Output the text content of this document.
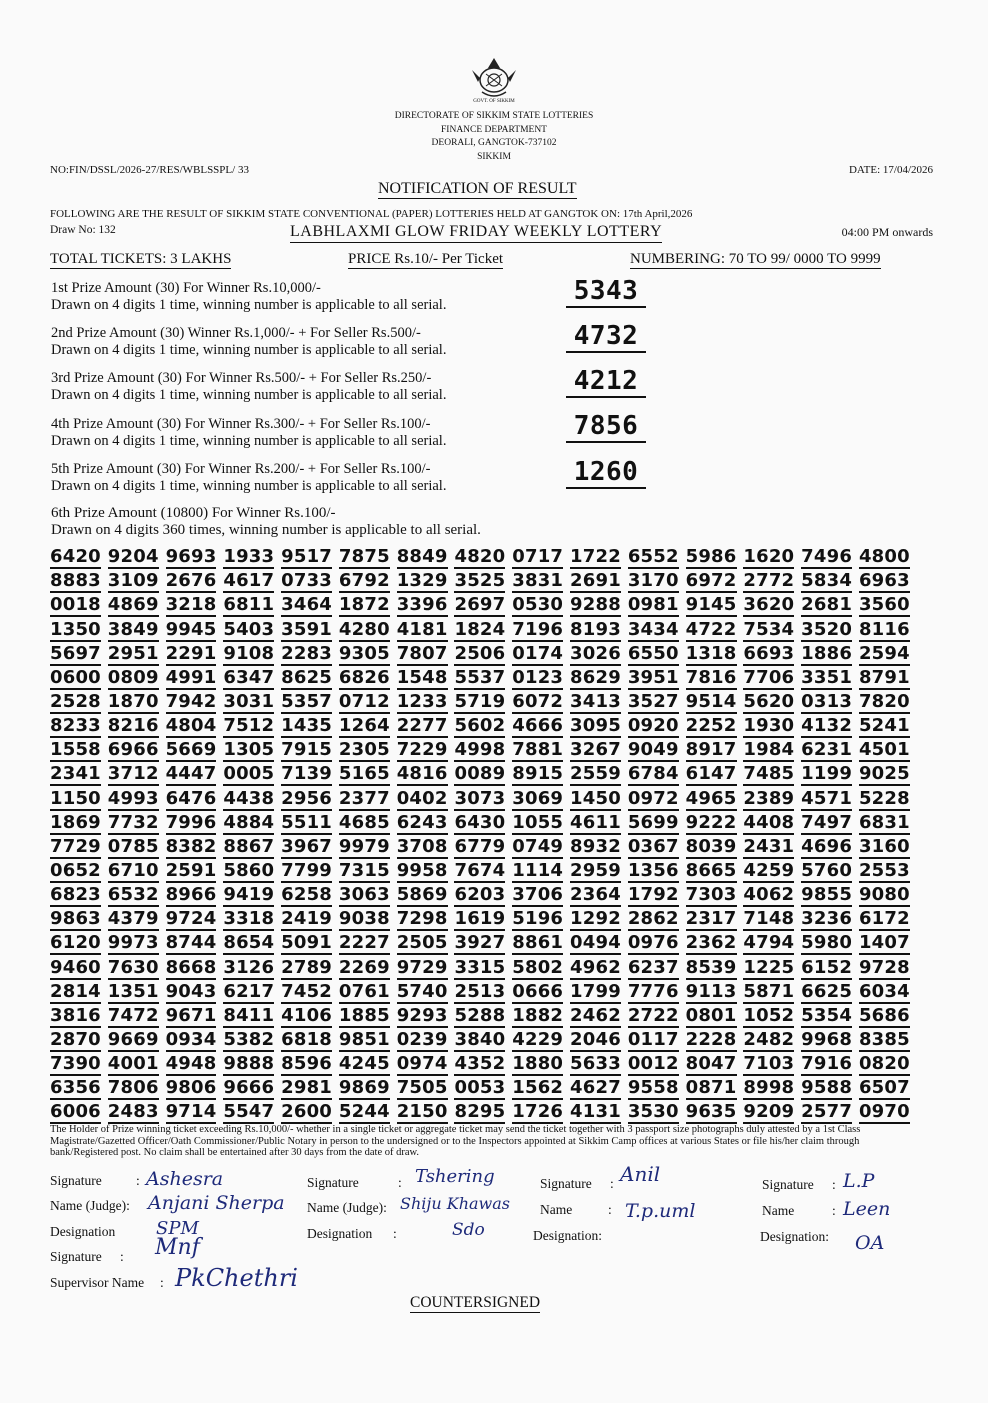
GOVT. OF SIKKIM
DIRECTORATE OF SIKKIM STATE LOTTERIES
FINANCE DEPARTMENT
DEORALI, GANGTOK-737102
SIKKIM
NO:FIN/DSSL/2026-27/RES/WBLSSPL/ 33	DATE: 17/04/2026
NOTIFICATION OF RESULT
FOLLOWING ARE THE RESULT OF SIKKIM STATE CONVENTIONAL (PAPER) LOTTERIES HELD AT GANGTOK ON: 17th April,2026
Draw No: 132	LABHLAXMI GLOW FRIDAY WEEKLY LOTTERY	04:00 PM onwards
TOTAL TICKETS: 3 LAKHS	PRICE Rs.10/- Per Ticket	NUMBERING: 70 TO 99/ 0000 TO 9999
1st Prize Amount (30) For Winner Rs.10,000/-
Drawn on 4 digits 1 time, winning number is applicable to all serial.	5343
2nd Prize Amount (30) Winner Rs.1,000/- + For Seller Rs.500/-
Drawn on 4 digits 1 time, winning number is applicable to all serial.	4732
3rd Prize Amount (30) For Winner Rs.500/- + For Seller Rs.250/-
Drawn on 4 digits 1 time, winning number is applicable to all serial.	4212
4th Prize Amount (30) For Winner Rs.300/- + For Seller Rs.100/-
Drawn on 4 digits 1 time, winning number is applicable to all serial.	7856
5th Prize Amount (30) For Winner Rs.200/- + For Seller Rs.100/-
Drawn on 4 digits 1 time, winning number is applicable to all serial.	1260
6th Prize Amount (10800) For Winner Rs.100/-
Drawn on 4 digits 360 times, winning number is applicable to all serial.
6420 9204 9693 1933 9517 7875 8849 4820 0717 1722 6552 5986 1620 7496 4800
8883 3109 2676 4617 0733 6792 1329 3525 3831 2691 3170 6972 2772 5834 6963
0018 4869 3218 6811 3464 1872 3396 2697 0530 9288 0981 9145 3620 2681 3560
1350 3849 9945 5403 3591 4280 4181 1824 7196 8193 3434 4722 7534 3520 8116
5697 2951 2291 9108 2283 9305 7807 2506 0174 3026 6550 1318 6693 1886 2594
0600 0809 4991 6347 8625 6826 1548 5537 0123 8629 3951 7816 7706 3351 8791
2528 1870 7942 3031 5357 0712 1233 5719 6072 3413 3527 9514 5620 0313 7820
8233 8216 4804 7512 1435 1264 2277 5602 4666 3095 0920 2252 1930 4132 5241
1558 6966 5669 1305 7915 2305 7229 4998 7881 3267 9049 8917 1984 6231 4501
2341 3712 4447 0005 7139 5165 4816 0089 8915 2559 6784 6147 7485 1199 9025
1150 4993 6476 4438 2956 2377 0402 3073 3069 1450 0972 4965 2389 4571 5228
1869 7732 7996 4884 5511 4685 6243 6430 1055 4611 5699 9222 4408 7497 6831
7729 0785 8382 8867 3967 9979 3708 6779 0749 8932 0367 8039 2431 4696 3160
0652 6710 2591 5860 7799 7315 9958 7674 1114 2959 1356 8665 4259 5760 2553
6823 6532 8966 9419 6258 3063 5869 6203 3706 2364 1792 7303 4062 9855 9080
9863 4379 9724 3318 2419 9038 7298 1619 5196 1292 2862 2317 7148 3236 6172
6120 9973 8744 8654 5091 2227 2505 3927 8861 0494 0976 2362 4794 5980 1407
9460 7630 8668 3126 2789 2269 9729 3315 5802 4962 6237 8539 1225 6152 9728
2814 1351 9043 6217 7452 0761 5740 2513 0666 1799 7776 9113 5871 6625 6034
3816 7472 9671 8411 4106 1885 9293 5288 1882 2462 2722 0801 1052 5354 5686
2870 9669 0934 5382 6818 9851 0239 3840 4229 2046 0117 2228 2482 9968 8385
7390 4001 4948 9888 8596 4245 0974 4352 1880 5633 0012 8047 7103 7916 0820
6356 7806 9806 9666 2981 9869 7505 0053 1562 4627 9558 0871 8998 9588 6507
6006 2483 9714 5547 2600 5244 2150 8295 1726 4131 3530 9635 9209 2577 0970
The Holder of Prize winning ticket exceeding Rs.10,000/- whether in a single ticket or aggregate ticket may send the ticket together with 3 passport size photographs duly attested by a 1st Class Magistrate/Gazetted Officer/Oath Commissioner/Public Notary in person to the undersigned or to the Inspectors appointed at Sikkim Camp offices at various States or file his/her claim through bank/Registered post. No claim shall be entertained after 30 days from the date of draw.
Signature	: Ashesra
Name (Judge): Anjani Sherpa
Designation SPM
Signature	: Tshering
Name (Judge): Shiju Khawas
Designation :	Sdo
Signature : Anil
Name	: T.p.uml
Designation:
Signature : L.P
Name	: Leen
Designation: OA
Signature : Mnf
Supervisor Name : PkChethri
COUNTERSIGNED
